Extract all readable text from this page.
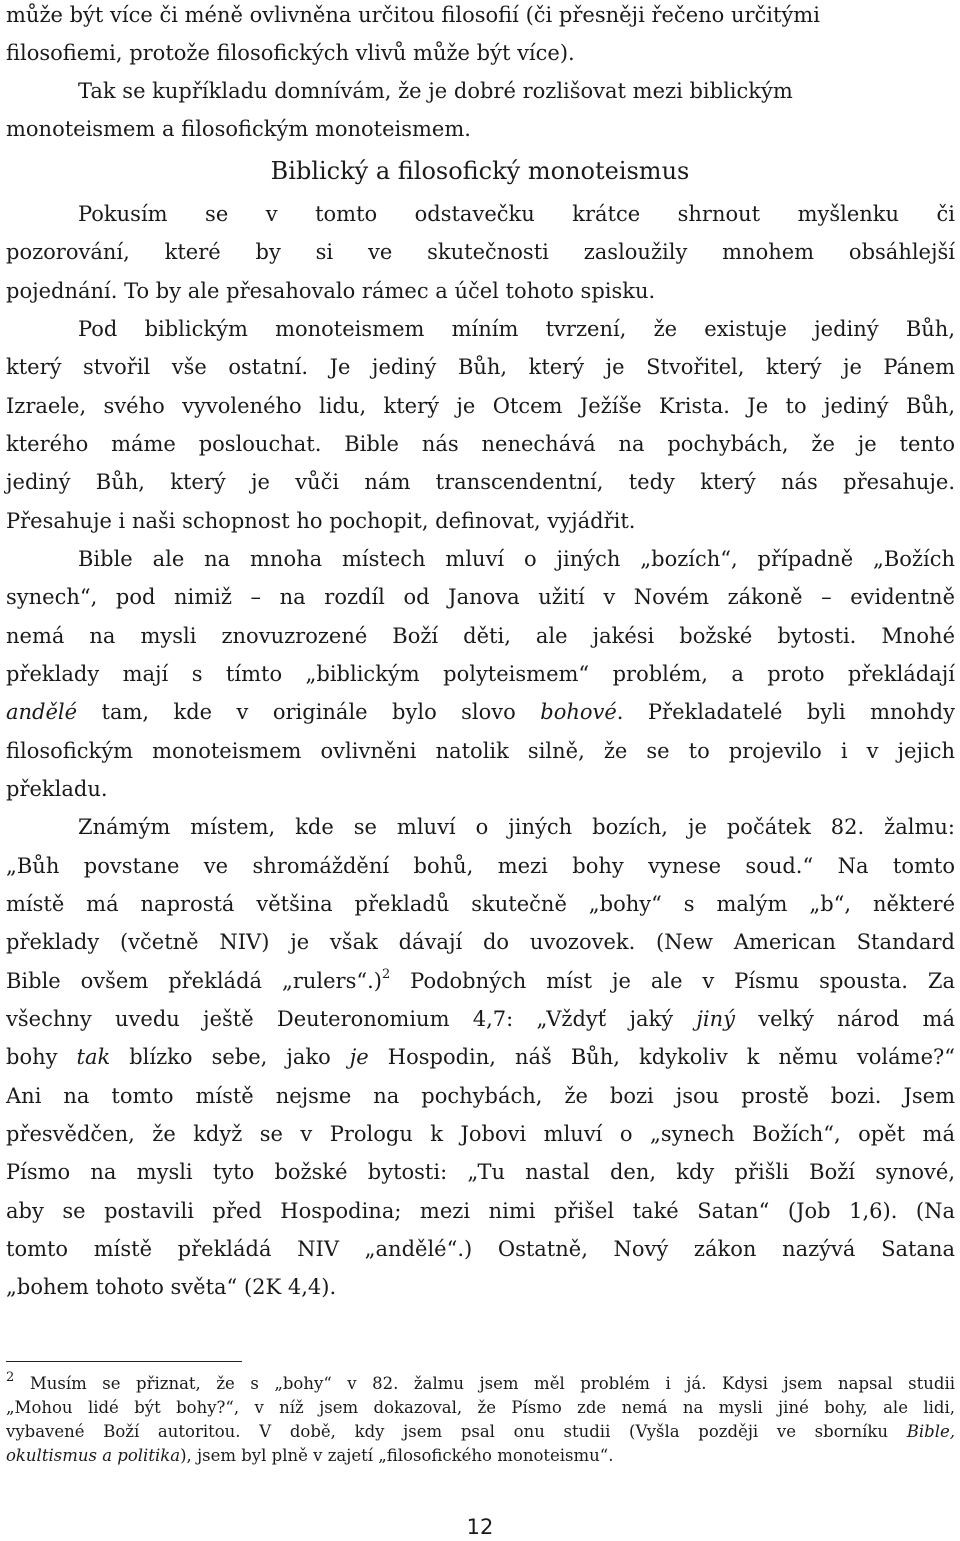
může být více či méně ovlivněna určitou filosofií (či přesněji řečeno určitými
filosofiemi, protože filosofických vlivů může být více).
Tak se kupříkladu domnívám, že je dobré rozlišovat mezi biblickým
monoteismem a filosofickým monoteismem.
Biblický a filosofický monoteismus
Pokusím se v tomto odstavečku krátce shrnout myšlenku či
pozorování, které by si ve skutečnosti zasloužily mnohem obsáhlejší
pojednání. To by ale přesahovalo rámec a účel tohoto spisku.
Pod biblickým monoteismem míním tvrzení, že existuje jediný Bůh,
který stvořil vše ostatní. Je jediný Bůh, který je Stvořitel, který je Pánem
Izraele, svého vyvoleného lidu, který je Otcem Ježíše Krista. Je to jediný Bůh,
kterého máme poslouchat. Bible nás nenechává na pochybách, že je tento
jediný Bůh, který je vůči nám transcendentní, tedy který nás přesahuje.
Přesahuje i naši schopnost ho pochopit, definovat, vyjádřit.
Bible ale na mnoha místech mluví o jiných „bozích“, případně „Božích
synech“, pod nimiž – na rozdíl od Janova užití v Novém zákoně – evidentně
nemá na mysli znovuzrozené Boží děti, ale jakési božské bytosti. Mnohé
překlady mají s tímto „biblickým polyteismem“ problém, a proto překládají
andělé tam, kde v originále bylo slovo bohové. Překladatelé byli mnohdy
filosofickým monoteismem ovlivněni natolik silně, že se to projevilo i v jejich
překladu.
Známým místem, kde se mluví o jiných bozích, je počátek 82. žalmu:
„Bůh povstane ve shromáždění bohů, mezi bohy vynese soud.“ Na tomto
místě má naprostá většina překladů skutečně „bohy“ s malým „b“, některé
překlady (včetně NIV) je však dávají do uvozovek. (New American Standard
Bible ovšem překládá „rulers“.)$^2$ Podobných míst je ale v Písmu spousta. Za
všechny uvedu ještě Deuteronomium 4,7: „Vždyť jaký jiný velký národ má
bohy tak blízko sebe, jako je Hospodin, náš Bůh, kdykoliv k němu voláme?“
Ani na tomto místě nejsme na pochybách, že bozi jsou prostě bozi. Jsem
přesvědčen, že když se v Prologu k Jobovi mluví o „synech Božích“, opět má
Písmo na mysli tyto božské bytosti: „Tu nastal den, kdy přišli Boží synové,
aby se postavili před Hospodina; mezi nimi přišel také Satan“ (Job 1,6). (Na
tomto místě překládá NIV „andělé“.) Ostatně, Nový zákon nazývá Satana
„bohem tohoto světa“ (2K 4,4).
$^2$ Musím se přiznat, že s „bohy“ v 82. žalmu jsem měl problém i já. Kdysi jsem napsal studii
„Mohou lidé být bohy?“, v níž jsem dokazoval, že Písmo zde nemá na mysli jiné bohy, ale lidi,
vybavené Boží autoritou. V době, kdy jsem psal onu studii (Vyšla později ve sborníku Bible,
okultismus a politika), jsem byl plně v zajetí „filosofického monoteismu“.
12
